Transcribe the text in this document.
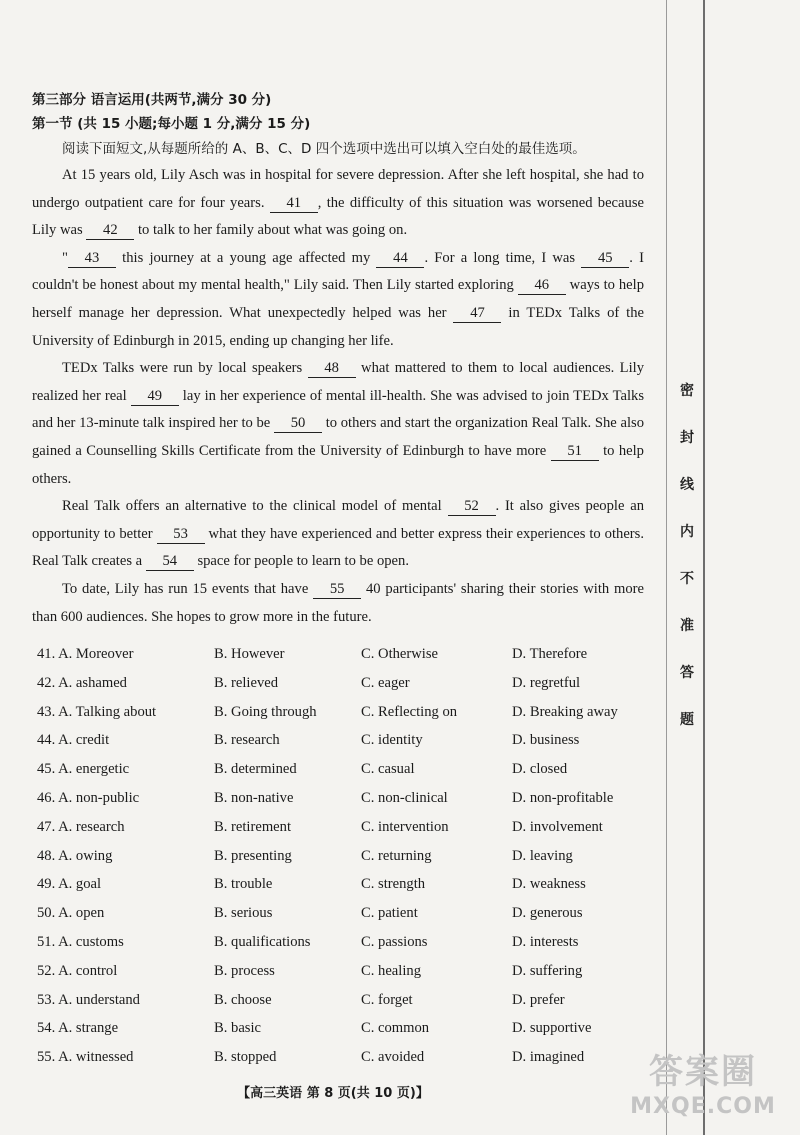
密
封
线
内
不
准
答
题
第三部分 语言运用(共两节,满分 30 分)
第一节 (共 15 小题;每小题 1 分,满分 15 分)
阅读下面短文,从每题所给的 A、B、C、D 四个选项中选出可以填入空白处的最佳选项。

At 15 years old, Lily Asch was in hospital for severe depression. After she left hospital, she had to undergo outpatient care for four years. 41 , the difficulty of this situation was worsened because Lily was 42 to talk to her family about what was going on.

" 43 this journey at a young age affected my 44 . For a long time, I was 45 . I couldn't be honest about my mental health," Lily said. Then Lily started exploring 46 ways to help herself manage her depression. What unexpectedly helped was her 47 in TEDx Talks of the University of Edinburgh in 2015, ending up changing her life.

TEDx Talks were run by local speakers 48 what mattered to them to local audiences. Lily realized her real 49 lay in her experience of mental ill-health. She was advised to join TEDx Talks and her 13-minute talk inspired her to be 50 to others and start the organization Real Talk. She also gained a Counselling Skills Certificate from the University of Edinburgh to have more 51 to help others.

Real Talk offers an alternative to the clinical model of mental 52 . It also gives people an opportunity to better 53 what they have experienced and better express their experiences to others. Real Talk creates a 54 space for people to learn to be open.

To date, Lily has run 15 events that have 55 40 participants' sharing their stories with more than 600 audiences. She hopes to grow more in the future.

41. A. Moreover	B. However	C. Otherwise	D. Therefore
42. A. ashamed	B. relieved	C. eager	D. regretful
43. A. Talking about	B. Going through	C. Reflecting on	D. Breaking away
44. A. credit	B. research	C. identity	D. business
45. A. energetic	B. determined	C. casual	D. closed
46. A. non-public	B. non-native	C. non-clinical	D. non-profitable
47. A. research	B. retirement	C. intervention	D. involvement
48. A. owing	B. presenting	C. returning	D. leaving
49. A. goal	B. trouble	C. strength	D. weakness
50. A. open	B. serious	C. patient	D. generous
51. A. customs	B. qualifications	C. passions	D. interests
52. A. control	B. process	C. healing	D. suffering
53. A. understand	B. choose	C. forget	D. prefer
54. A. strange	B. basic	C. common	D. supportive
55. A. witnessed	B. stopped	C. avoided	D. imagined
【高三英语 第 8 页(共 10 页)】
答案圈
MXQE.COM
